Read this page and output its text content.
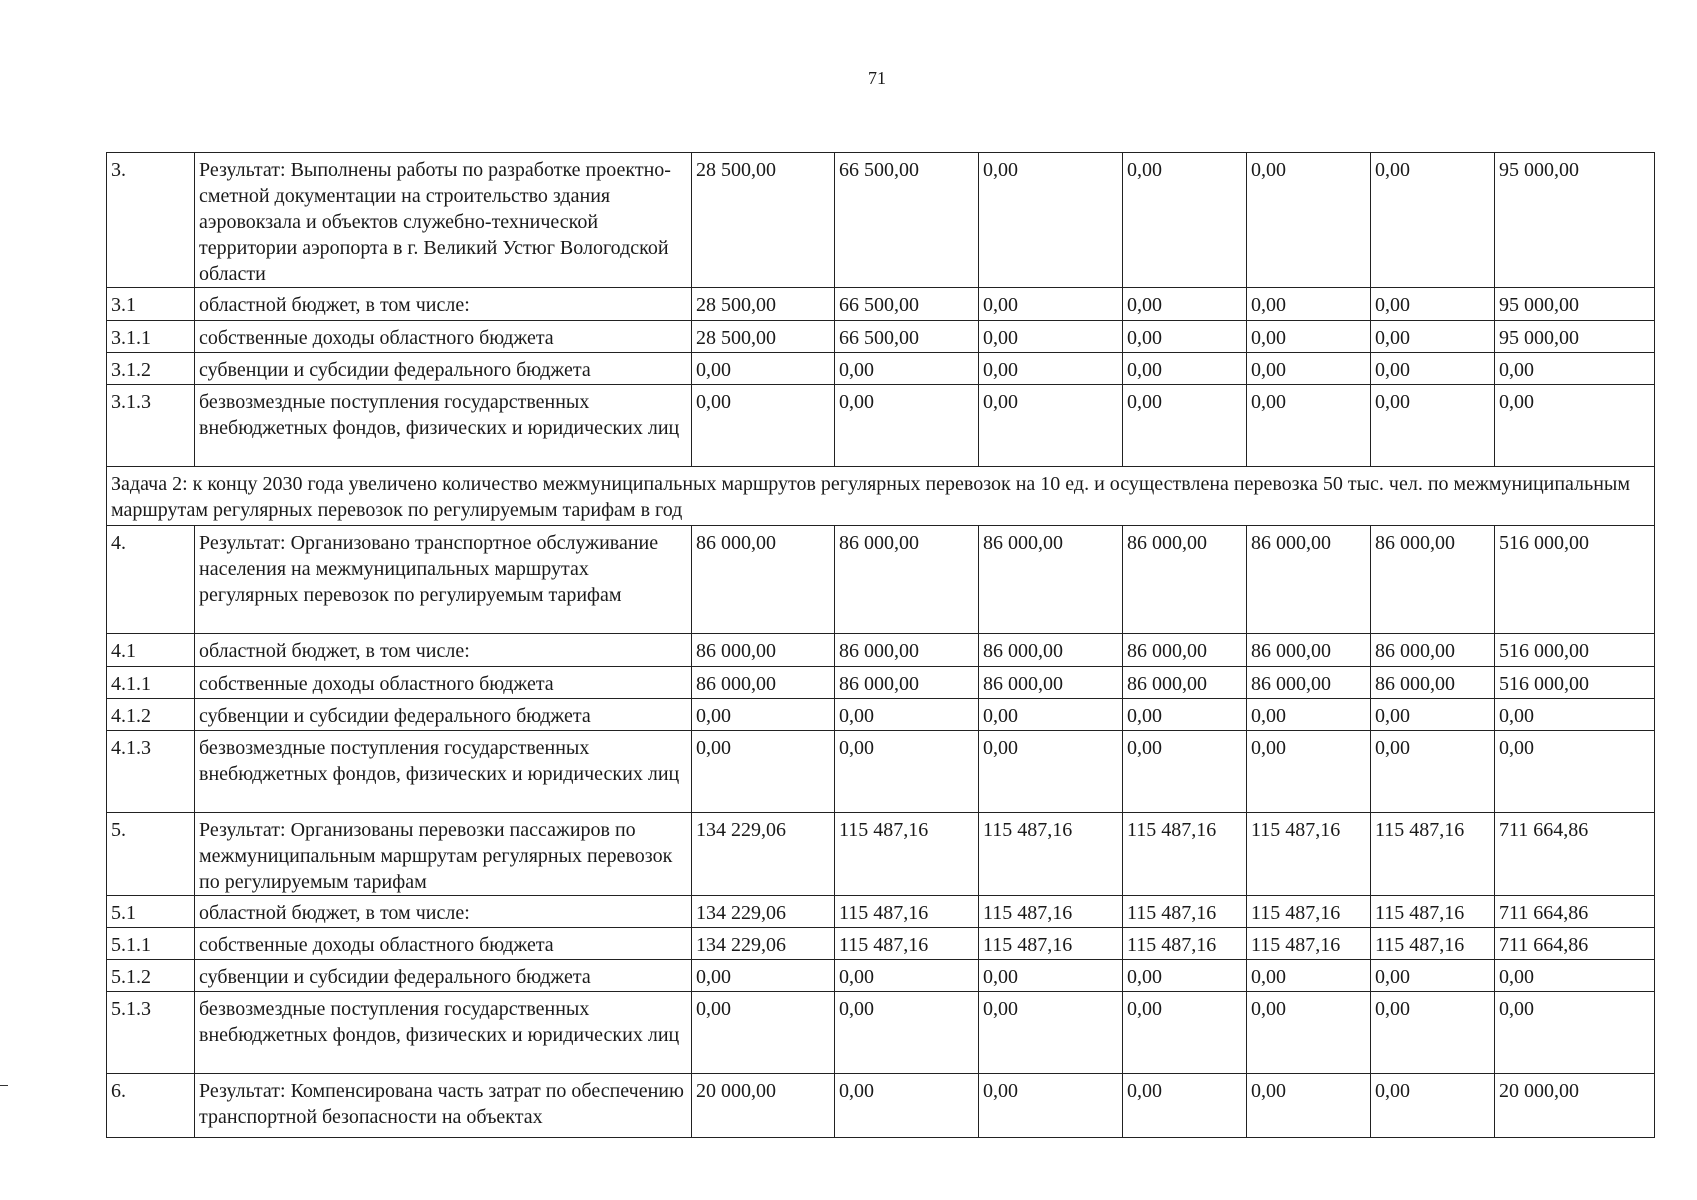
71
3.	Результат: Выполнены работы по разработке проектно-сметной документации на строительство здания аэровокзала и объектов служебно-технической территории аэропорта в г. Великий Устюг Вологодской области	28 500,00	66 500,00	0,00	0,00	0,00	0,00	95 000,00
3.1	областной бюджет, в том числе:	28 500,00	66 500,00	0,00	0,00	0,00	0,00	95 000,00
3.1.1	собственные доходы областного бюджета	28 500,00	66 500,00	0,00	0,00	0,00	0,00	95 000,00
3.1.2	субвенции и субсидии федерального бюджета	0,00	0,00	0,00	0,00	0,00	0,00	0,00
3.1.3	безвозмездные поступления государственных внебюджетных фондов, физических и юридических лиц	0,00	0,00	0,00	0,00	0,00	0,00	0,00
Задача 2: к концу 2030 года увеличено количество межмуниципальных маршрутов регулярных перевозок на 10 ед. и осуществлена перевозка 50 тыс. чел. по межмуниципальным маршрутам регулярных перевозок по регулируемым тарифам в год								
4.	Результат: Организовано транспортное обслуживание населения на межмуниципальных маршрутах регулярных перевозок по регулируемым тарифам	86 000,00	86 000,00	86 000,00	86 000,00	86 000,00	86 000,00	516 000,00
4.1	областной бюджет, в том числе:	86 000,00	86 000,00	86 000,00	86 000,00	86 000,00	86 000,00	516 000,00
4.1.1	собственные доходы областного бюджета	86 000,00	86 000,00	86 000,00	86 000,00	86 000,00	86 000,00	516 000,00
4.1.2	субвенции и субсидии федерального бюджета	0,00	0,00	0,00	0,00	0,00	0,00	0,00
4.1.3	безвозмездные поступления государственных внебюджетных фондов, физических и юридических лиц	0,00	0,00	0,00	0,00	0,00	0,00	0,00
5.	Результат: Организованы перевозки пассажиров по межмуниципальным маршрутам регулярных перевозок по регулируемым тарифам	134 229,06	115 487,16	115 487,16	115 487,16	115 487,16	115 487,16	711 664,86
5.1	областной бюджет, в том числе:	134 229,06	115 487,16	115 487,16	115 487,16	115 487,16	115 487,16	711 664,86
5.1.1	собственные доходы областного бюджета	134 229,06	115 487,16	115 487,16	115 487,16	115 487,16	115 487,16	711 664,86
5.1.2	субвенции и субсидии федерального бюджета	0,00	0,00	0,00	0,00	0,00	0,00	0,00
5.1.3	безвозмездные поступления государственных внебюджетных фондов, физических и юридических лиц	0,00	0,00	0,00	0,00	0,00	0,00	0,00
6.	Результат: Компенсирована часть затрат по обеспечению транспортной безопасности на объектах	20 000,00	0,00	0,00	0,00	0,00	0,00	20 000,00
